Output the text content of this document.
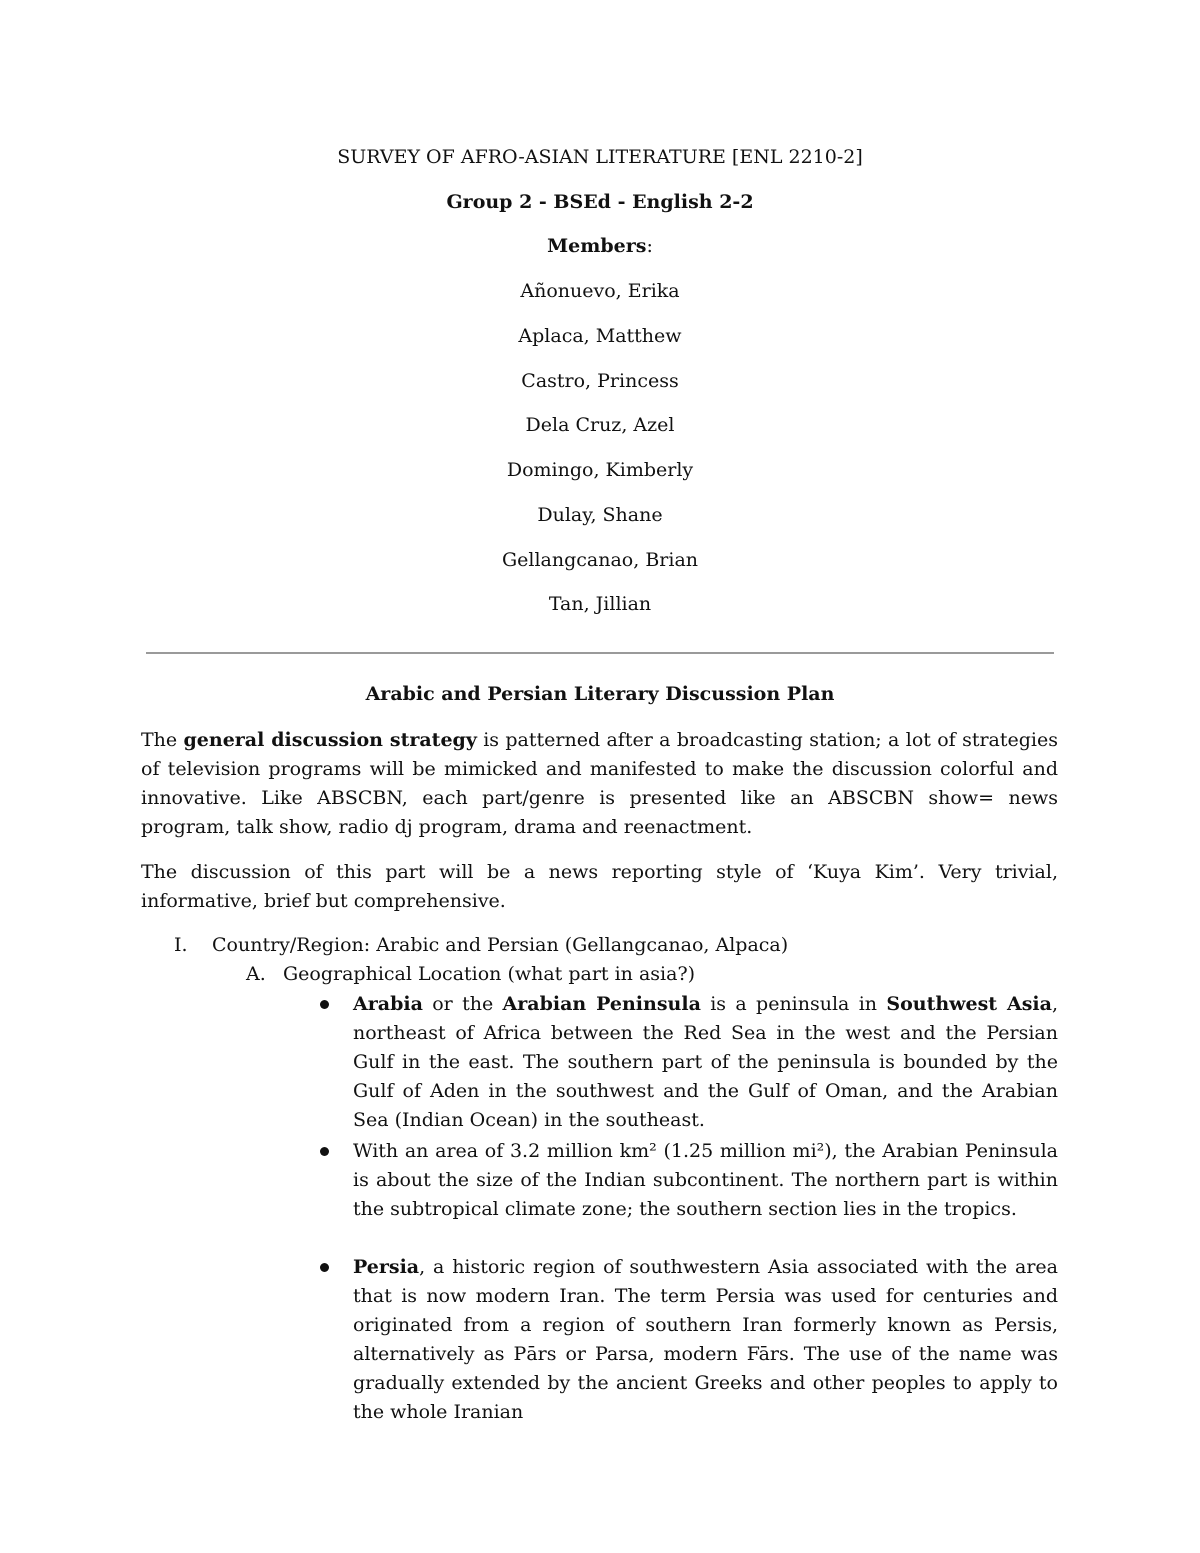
SURVEY OF AFRO-ASIAN LITERATURE [ENL 2210-2]
Group 2 - BSEd - English 2-2
Members:
Añonuevo, Erika
Aplaca, Matthew
Castro, Princess
Dela Cruz, Azel
Domingo, Kimberly
Dulay, Shane
Gellangcanao, Brian
Tan, Jillian
Arabic and Persian Literary Discussion Plan
The general discussion strategy is patterned after a broadcasting station; a lot of strategies of television programs will be mimicked and manifested to make the discussion colorful and innovative. Like ABSCBN, each part/genre is presented like an ABSCBN show= news program, talk show, radio dj program, drama and reenactment.
The discussion of this part will be a news reporting style of ‘Kuya Kim’. Very trivial, informative, brief but comprehensive.
I. Country/Region: Arabic and Persian (Gellangcanao, Alpaca)
A. Geographical Location (what part in asia?)
Arabia or the Arabian Peninsula is a peninsula in Southwest Asia, northeast of Africa between the Red Sea in the west and the Persian Gulf in the east. The southern part of the peninsula is bounded by the Gulf of Aden in the southwest and the Gulf of Oman, and the Arabian Sea (Indian Ocean) in the southeast.
With an area of 3.2 million km² (1.25 million mi²), the Arabian Peninsula is about the size of the Indian subcontinent. The northern part is within the subtropical climate zone; the southern section lies in the tropics.
Persia, a historic region of southwestern Asia associated with the area that is now modern Iran. The term Persia was used for centuries and originated from a region of southern Iran formerly known as Persis, alternatively as Pārs or Parsa, modern Fārs. The use of the name was gradually extended by the ancient Greeks and other peoples to apply to the whole Iranian
